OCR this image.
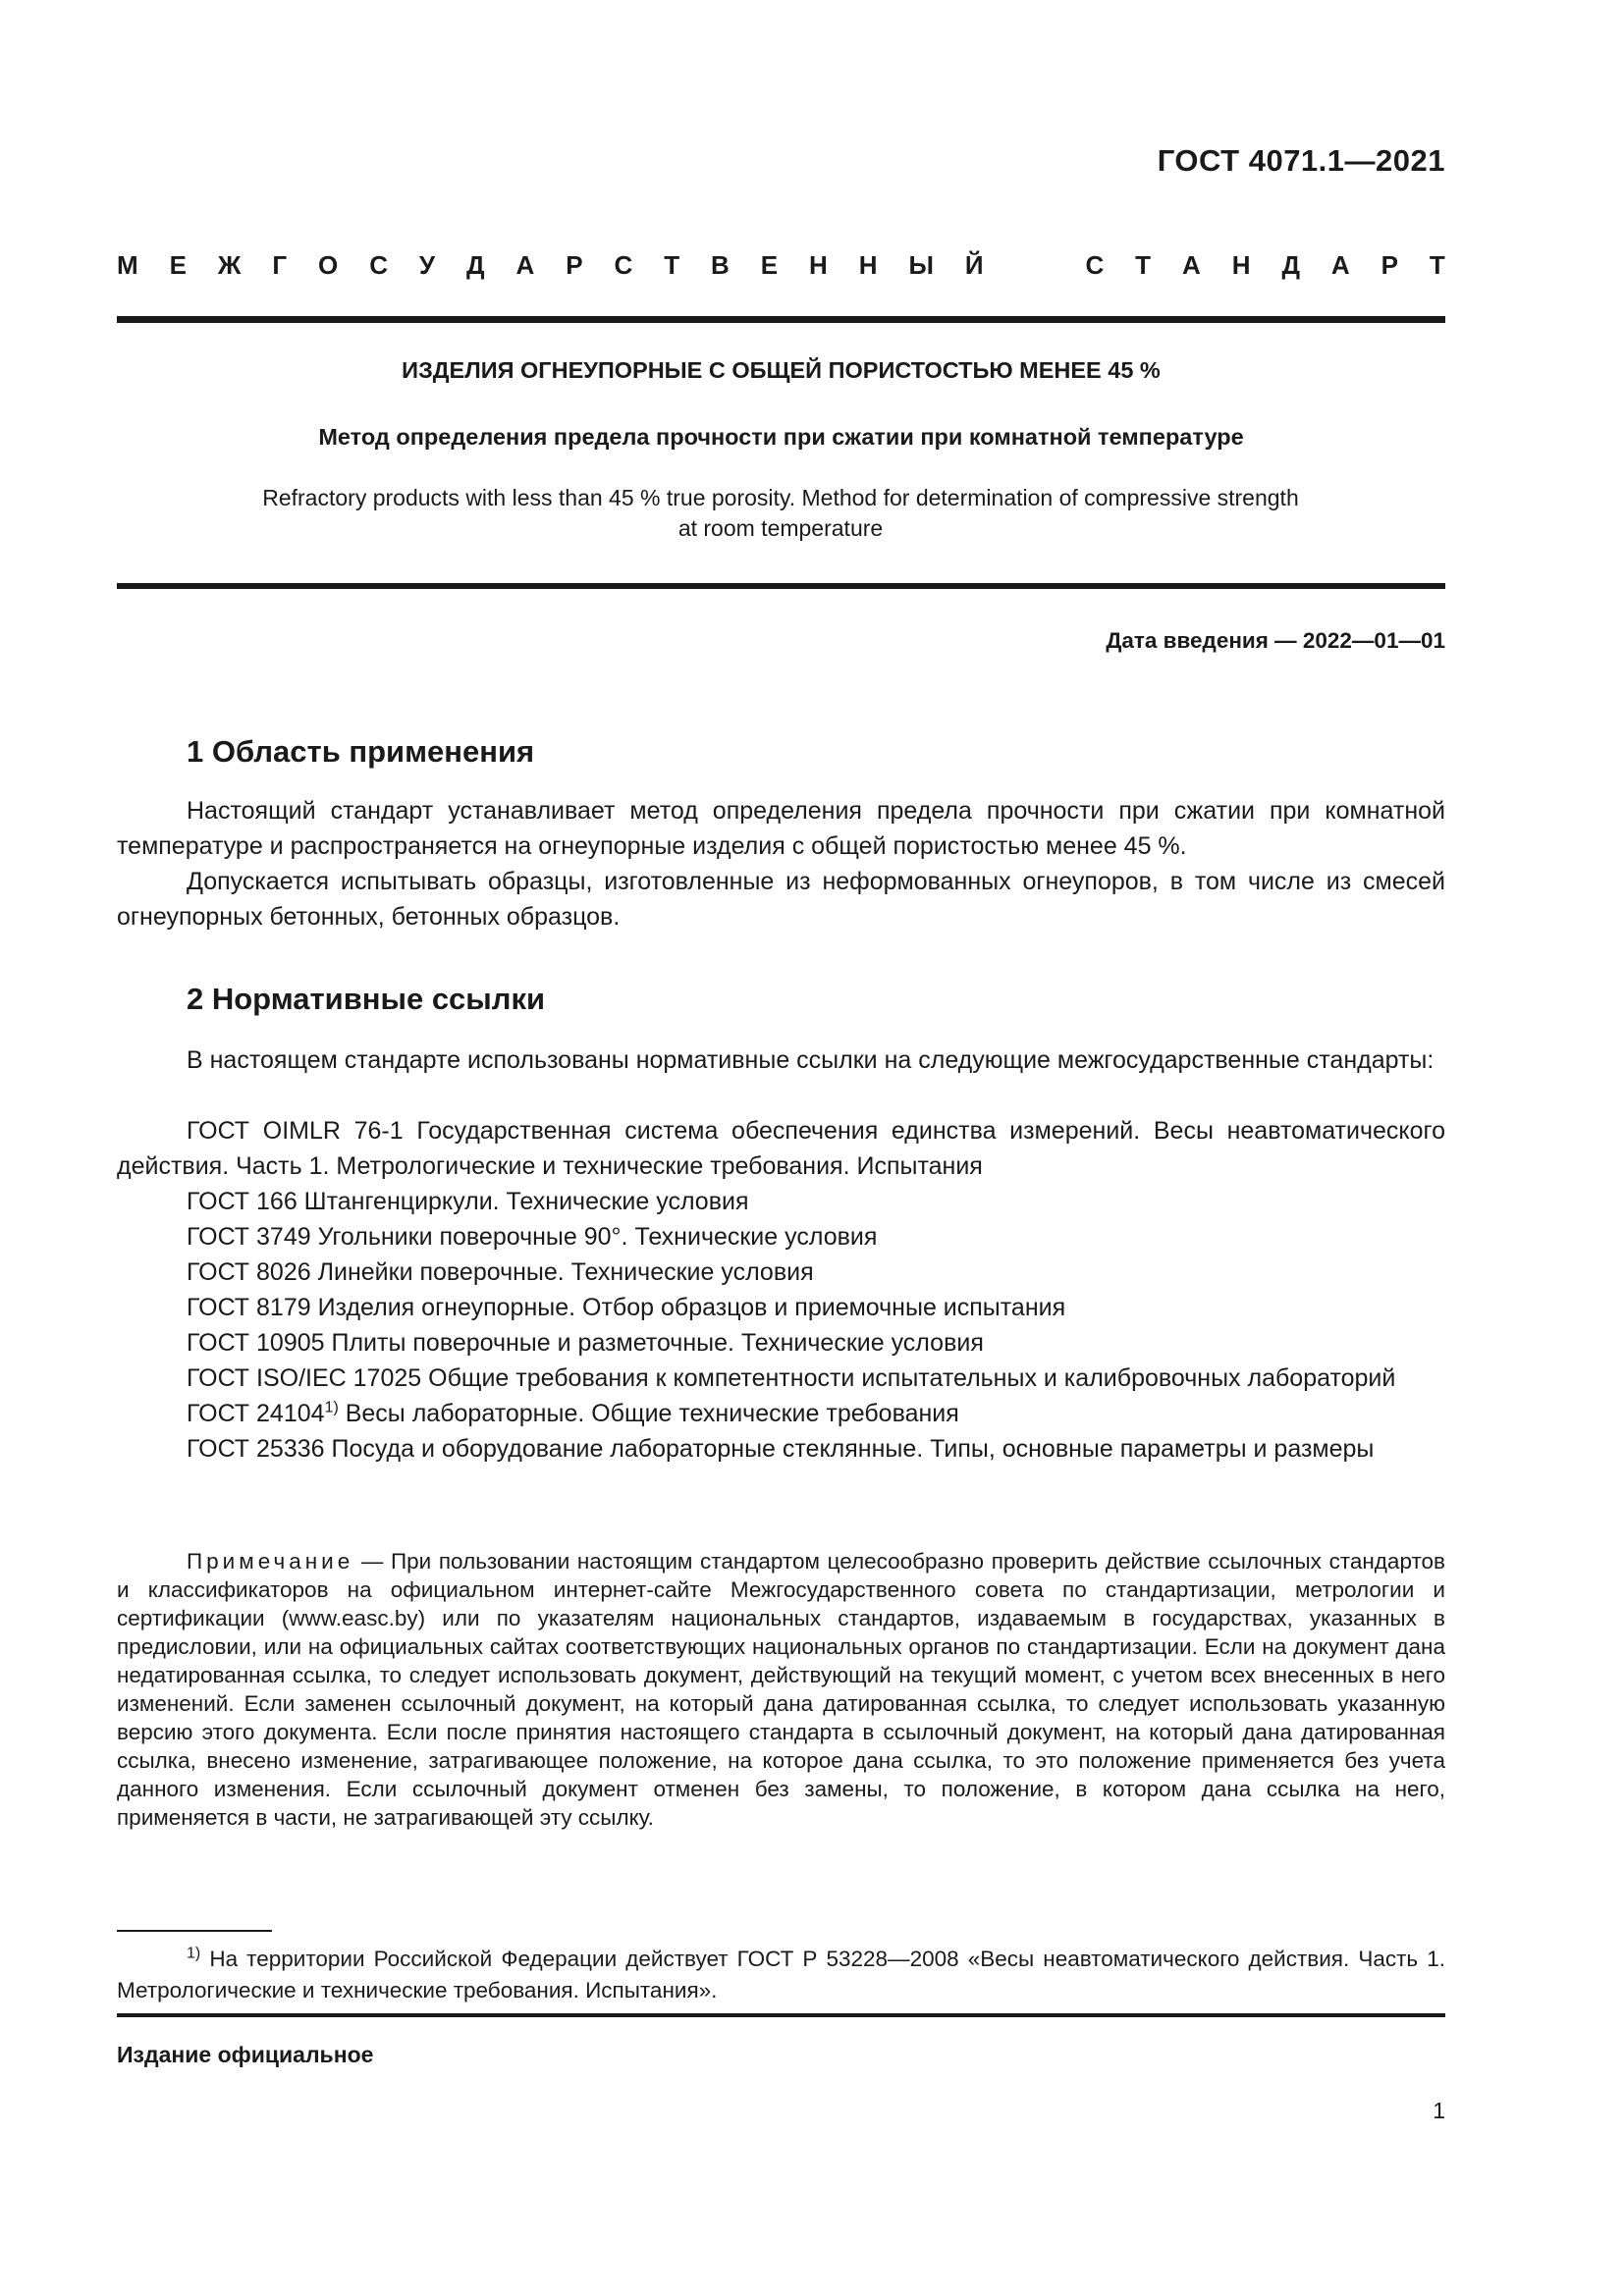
ГОСТ 4071.1—2021
М Е Ж Г О С У Д А Р С Т В Е Н Н Ы Й	С Т А Н Д А Р Т
ИЗДЕЛИЯ ОГНЕУПОРНЫЕ С ОБЩЕЙ ПОРИСТОСТЬЮ МЕНЕЕ 45 %
Метод определения предела прочности при сжатии при комнатной температуре
Refractory products with less than 45 % true porosity. Method for determination of compressive strength
at room temperature
Дата введения — 2022—01—01
1 Область применения

Настоящий стандарт устанавливает метод определения предела прочности при сжатии при комнатной температуре и распространяется на огнеупорные изделия с общей пористостью менее 45 %.

Допускается испытывать образцы, изготовленные из неформованных огнеупоров, в том числе из смесей огнеупорных бетонных, бетонных образцов.

2 Нормативные ссылки

В настоящем стандарте использованы нормативные ссылки на следующие межгосударственные стандарты:

ГОСТ OIMLR 76-1 Государственная система обеспечения единства измерений. Весы неавтоматического действия. Часть 1. Метрологические и технические требования. Испытания

ГОСТ 166 Штангенциркули. Технические условия

ГОСТ 3749 Угольники поверочные 90°. Технические условия

ГОСТ 8026 Линейки поверочные. Технические условия

ГОСТ 8179 Изделия огнеупорные. Отбор образцов и приемочные испытания

ГОСТ 10905 Плиты поверочные и разметочные. Технические условия

ГОСТ ISO/IEC 17025 Общие требования к компетентности испытательных и калибровочных лабораторий

ГОСТ 24104$^{1)}$ Весы лабораторные. Общие технические требования

ГОСТ 25336 Посуда и оборудование лабораторные стеклянные. Типы, основные параметры и размеры

Примечание — При пользовании настоящим стандартом целесообразно проверить действие ссылочных стандартов и классификаторов на официальном интернет-сайте Межгосударственного совета по стандартизации, метрологии и сертификации (www.easc.by) или по указателям национальных стандартов, издаваемым в государствах, указанных в предисловии, или на официальных сайтах соответствующих национальных органов по стандартизации. Если на документ дана недатированная ссылка, то следует использовать документ, действующий на текущий момент, с учетом всех внесенных в него изменений. Если заменен ссылочный документ, на который дана датированная ссылка, то следует использовать указанную версию этого документа. Если после принятия настоящего стандарта в ссылочный документ, на который дана датированная ссылка, внесено изменение, затрагивающее положение, на которое дана ссылка, то это положение применяется без учета данного изменения. Если ссылочный документ отменен без замены, то положение, в котором дана ссылка на него, применяется в части, не затрагивающей эту ссылку.

$^{1)}$ На территории Российской Федерации действует ГОСТ Р 53228—2008 «Весы неавтоматического действия. Часть 1. Метрологические и технические требования. Испытания».

Издание официальное
1
